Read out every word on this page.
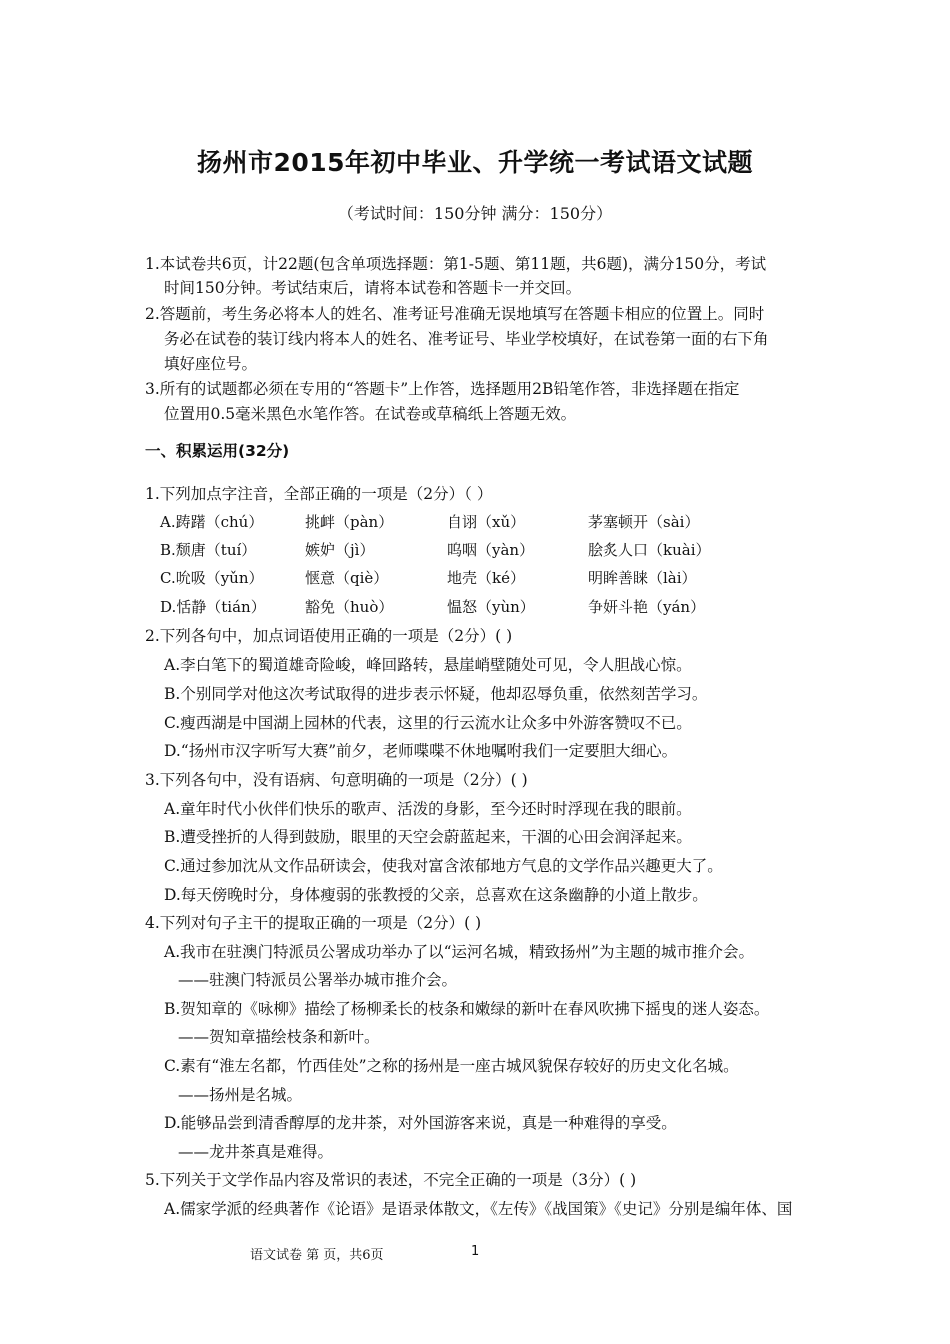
扬州市2015年初中毕业、升学统一考试语文试题
（考试时间：150分钟 满分：150分）
1.本试卷共6页，计22题(包含单项选择题：第1-5题、第11题，共6题)，满分150分，考试
时间150分钟。考试结束后，请将本试卷和答题卡一并交回。
2.答题前，考生务必将本人的姓名、准考证号准确无误地填写在答题卡相应的位置上。同时
务必在试卷的装订线内将本人的姓名、准考证号、毕业学校填好，在试卷第一面的右下角
填好座位号。
3.所有的试题都必须在专用的“答题卡”上作答，选择题用2B铅笔作答，非选择题在指定
位置用0.5毫米黑色水笔作答。在试卷或草稿纸上答题无效。
一、积累运用(32分)
1.下列加点字注音，全部正确的一项是（2分）（ ）
A.踌躇（chú）	挑衅（pàn）	自诩（xǔ）	茅塞顿开（sài）
B.颓唐（tuí）	嫉妒（jì）	呜咽（yàn）	脍炙人口（kuài）
C.吮吸（yǔn）	惬意（qiè）	地壳（ké）	明眸善睐（lài）
D.恬静（tián）	豁免（huò）	愠怒（yùn）	争妍斗艳（yán）
2.下列各句中，加点词语使用正确的一项是（2分）( )
A.李白笔下的蜀道雄奇险峻，峰回路转，悬崖峭壁随处可见，令人胆战心惊。
B.个别同学对他这次考试取得的进步表示怀疑，他却忍辱负重，依然刻苦学习。
C.瘦西湖是中国湖上园林的代表，这里的行云流水让众多中外游客赞叹不已。
D.“扬州市汉字听写大赛”前夕，老师喋喋不休地嘱咐我们一定要胆大细心。
3.下列各句中，没有语病、句意明确的一项是（2分）( )
A.童年时代小伙伴们快乐的歌声、活泼的身影，至今还时时浮现在我的眼前。
B.遭受挫折的人得到鼓励，眼里的天空会蔚蓝起来，干涸的心田会润泽起来。
C.通过参加沈从文作品研读会，使我对富含浓郁地方气息的文学作品兴趣更大了。
D.每天傍晚时分，身体瘦弱的张教授的父亲，总喜欢在这条幽静的小道上散步。
4.下列对句子主干的提取正确的一项是（2分）( )
A.我市在驻澳门特派员公署成功举办了以“运河名城，精致扬州”为主题的城市推介会。
——驻澳门特派员公署举办城市推介会。
B.贺知章的《咏柳》描绘了杨柳柔长的枝条和嫩绿的新叶在春风吹拂下摇曳的迷人姿态。
——贺知章描绘枝条和新叶。
C.素有“淮左名都，竹西佳处”之称的扬州是一座古城风貌保存较好的历史文化名城。
——扬州是名城。
D.能够品尝到清香醇厚的龙井茶，对外国游客来说，真是一种难得的享受。
——龙井茶真是难得。
5.下列关于文学作品内容及常识的表述，不完全正确的一项是（3分）( )
A.儒家学派的经典著作《论语》是语录体散文，《左传》《战国策》《史记》分别是编年体、国
语文试卷 第 页，共6页	1
